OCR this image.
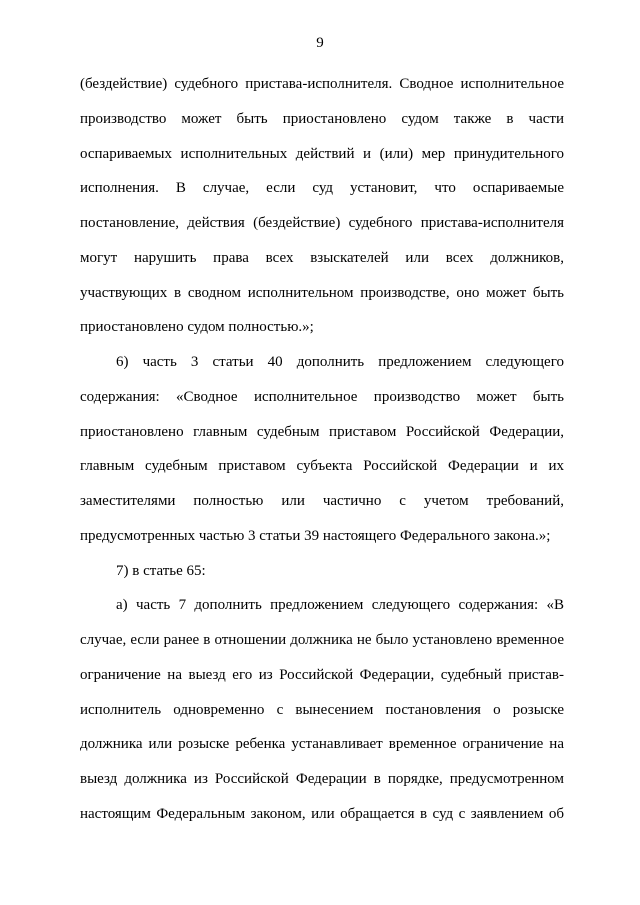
9
(бездействие) судебного пристава-исполнителя. Сводное исполнительное
производство может быть приостановлено судом также в части
оспариваемых исполнительных действий и (или) мер принудительного
исполнения. В случае, если суд установит, что оспариваемые
постановление, действия (бездействие) судебного пристава-исполнителя
могут нарушить права всех взыскателей или всех должников,
участвующих в сводном исполнительном производстве, оно может быть
приостановлено судом полностью.»;
6) часть 3 статьи 40 дополнить предложением следующего
содержания: «Сводное исполнительное производство может быть
приостановлено главным судебным приставом Российской Федерации,
главным судебным приставом субъекта Российской Федерации и их
заместителями полностью или частично с учетом требований,
предусмотренных частью 3 статьи 39 настоящего Федерального закона.»;
7) в статье 65:
а) часть 7 дополнить предложением следующего содержания: «В
случае, если ранее в отношении должника не было установлено временное
ограничение на выезд его из Российской Федерации, судебный пристав-
исполнитель одновременно с вынесением постановления о розыске
должника или розыске ребенка устанавливает временное ограничение на
выезд должника из Российской Федерации в порядке, предусмотренном
настоящим Федеральным законом, или обращается в суд с заявлением об
